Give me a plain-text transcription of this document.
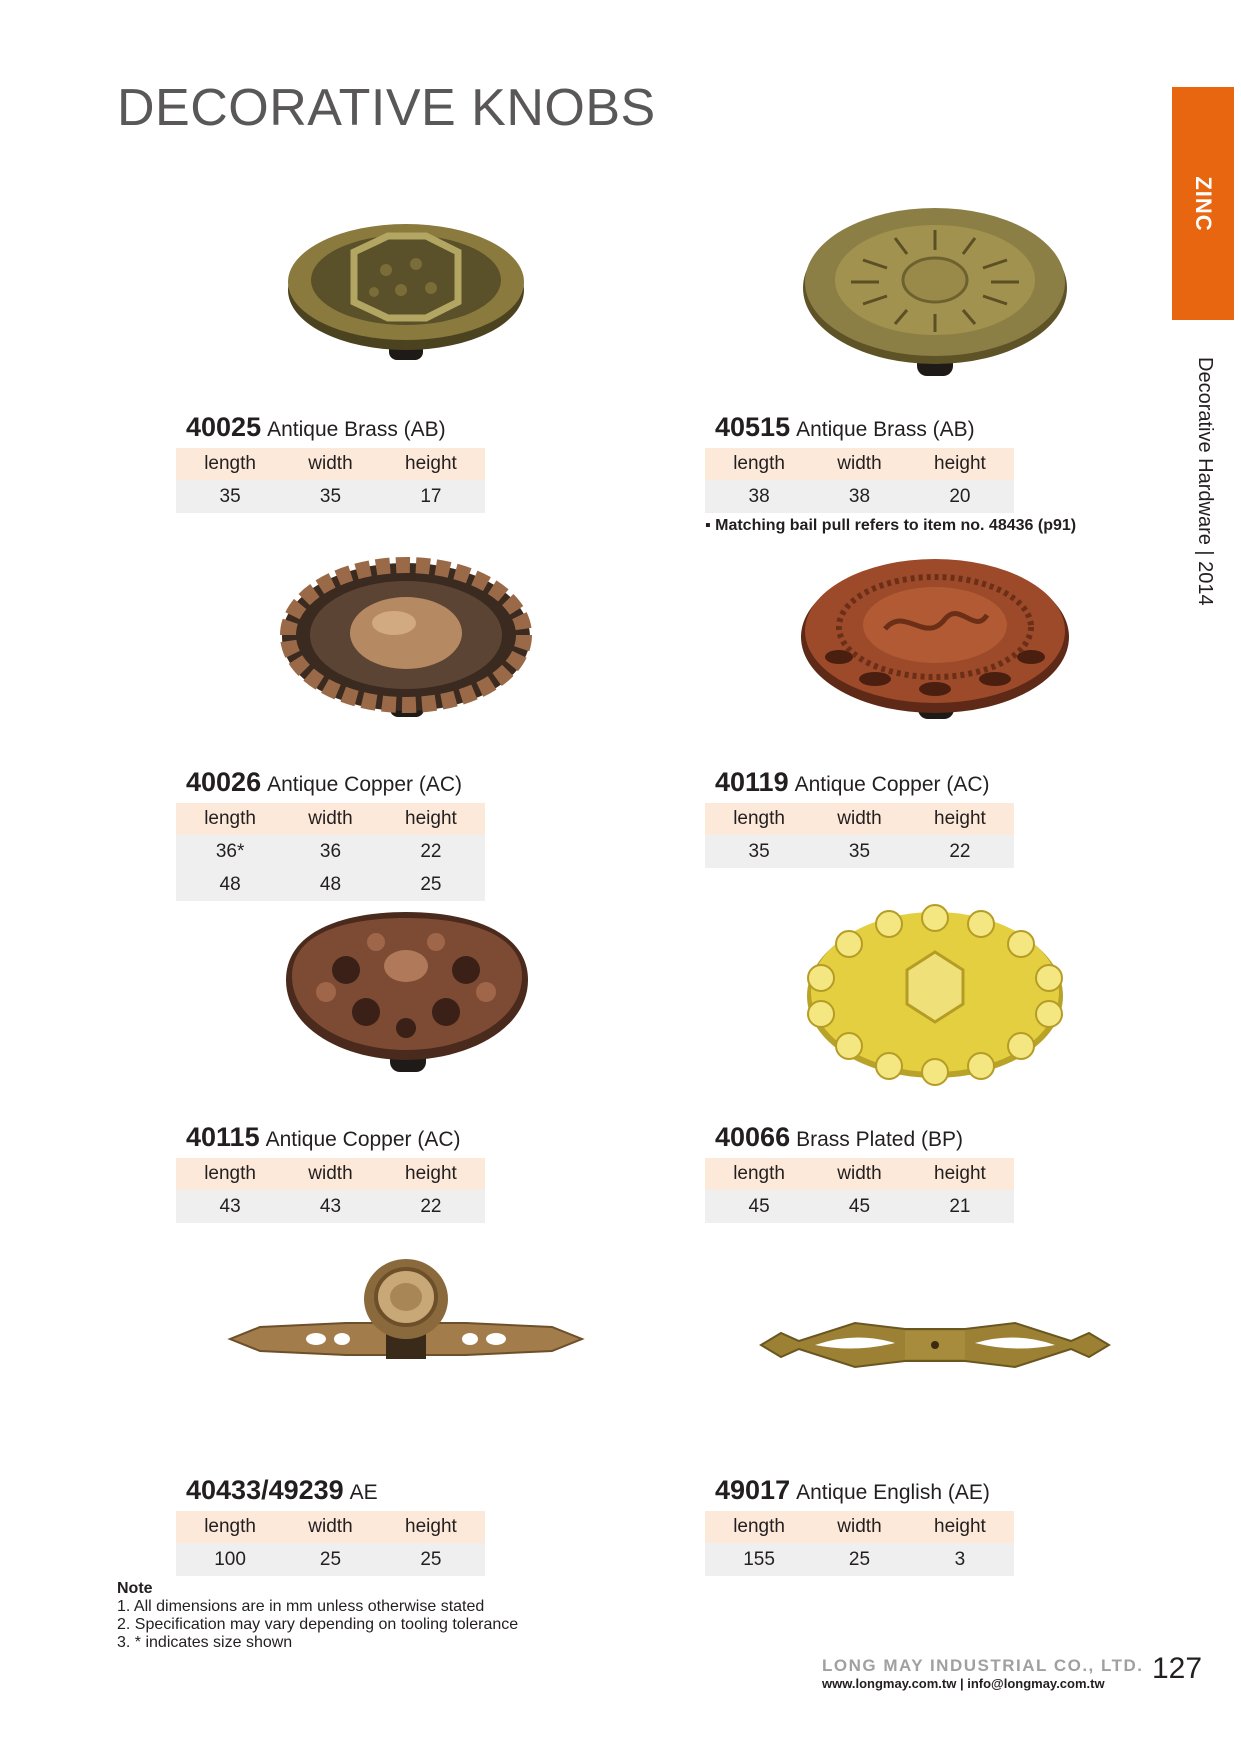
DECORATIVE KNOBS
ZINC
Decorative Hardware | 2014
40025 Antique Brass (AB)
length	width	height
35	35	17
40515 Antique Brass (AB)
length	width	height
38	38	20
▪ Matching bail pull refers to item no. 48436 (p91)
40026 Antique Copper (AC)
length	width	height
36*	36	22
48	48	25
40119 Antique Copper (AC)
length	width	height
35	35	22
40115 Antique Copper (AC)
length	width	height
43	43	22
40066 Brass Plated (BP)
length	width	height
45	45	21
40433/49239 AE
length	width	height
100	25	25
49017 Antique English (AE)
length	width	height
155	25	3
Note
1. All dimensions are in mm unless otherwise stated
2. Specification may vary depending on tooling tolerance
3. * indicates size shown
LONG MAY INDUSTRIAL CO., LTD.
www.longmay.com.tw | info@longmay.com.tw 127
